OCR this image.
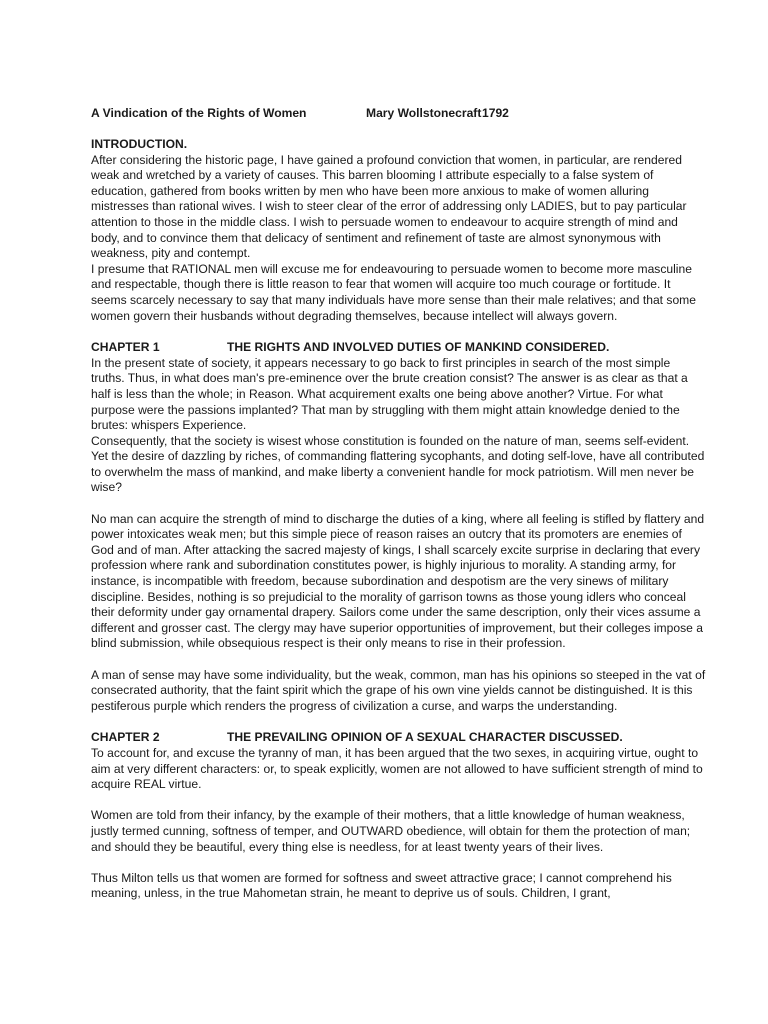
A Vindication of the Rights of Women	Mary Wollstonecraft 1792

INTRODUCTION.

After considering the historic page, I have gained a profound conviction that women, in particular, are rendered weak and wretched by a variety of causes. This barren blooming I attribute especially to a false system of education, gathered from books written by men who have been more anxious to make of women alluring mistresses than rational wives. I wish to steer clear of the error of addressing only LADIES, but to pay particular attention to those in the middle class. I wish to persuade women to endeavour to acquire strength of mind and body, and to convince them that delicacy of sentiment and refinement of taste are almost synonymous with weakness, pity and contempt.

I presume that RATIONAL men will excuse me for endeavouring to persuade women to become more masculine and respectable, though there is little reason to fear that women will acquire too much courage or fortitude. It seems scarcely necessary to say that many individuals have more sense than their male relatives; and that some women govern their husbands without degrading themselves, because intellect will always govern.

CHAPTER 1	THE RIGHTS AND INVOLVED DUTIES OF MANKIND CONSIDERED.

In the present state of society, it appears necessary to go back to first principles in search of the most simple truths. Thus, in what does man's pre-eminence over the brute creation consist? The answer is as clear as that a half is less than the whole; in Reason. What acquirement exalts one being above another? Virtue. For what purpose were the passions implanted? That man by struggling with them might attain knowledge denied to the brutes: whispers Experience.

Consequently, that the society is wisest whose constitution is founded on the nature of man, seems self-evident. Yet the desire of dazzling by riches, of commanding flattering sycophants, and doting self-love, have all contributed to overwhelm the mass of mankind, and make liberty a convenient handle for mock patriotism. Will men never be wise?

No man can acquire the strength of mind to discharge the duties of a king, where all feeling is stifled by flattery and power intoxicates weak men; but this simple piece of reason raises an outcry that its promoters are enemies of God and of man. After attacking the sacred majesty of kings, I shall scarcely excite surprise in declaring that every profession where rank and subordination constitutes power, is highly injurious to morality. A standing army, for instance, is incompatible with freedom, because subordination and despotism are the very sinews of military discipline. Besides, nothing is so prejudicial to the morality of garrison towns as those young idlers who conceal their deformity under gay ornamental drapery. Sailors come under the same description, only their vices assume a different and grosser cast. The clergy may have superior opportunities of improvement, but their colleges impose a blind submission, while obsequious respect is their only means to rise in their profession.

A man of sense may have some individuality, but the weak, common, man has his opinions so steeped in the vat of consecrated authority, that the faint spirit which the grape of his own vine yields cannot be distinguished. It is this pestiferous purple which renders the progress of civilization a curse, and warps the understanding.

CHAPTER 2	THE PREVAILING OPINION OF A SEXUAL CHARACTER DISCUSSED.

To account for, and excuse the tyranny of man, it has been argued that the two sexes, in acquiring virtue, ought to aim at very different characters: or, to speak explicitly, women are not allowed to have sufficient strength of mind to acquire REAL virtue.

Women are told from their infancy, by the example of their mothers, that a little knowledge of human weakness, justly termed cunning, softness of temper, and OUTWARD obedience, will obtain for them the protection of man; and should they be beautiful, every thing else is needless, for at least twenty years of their lives.

Thus Milton tells us that women are formed for softness and sweet attractive grace; I cannot comprehend his meaning, unless, in the true Mahometan strain, he meant to deprive us of souls. Children, I grant,
